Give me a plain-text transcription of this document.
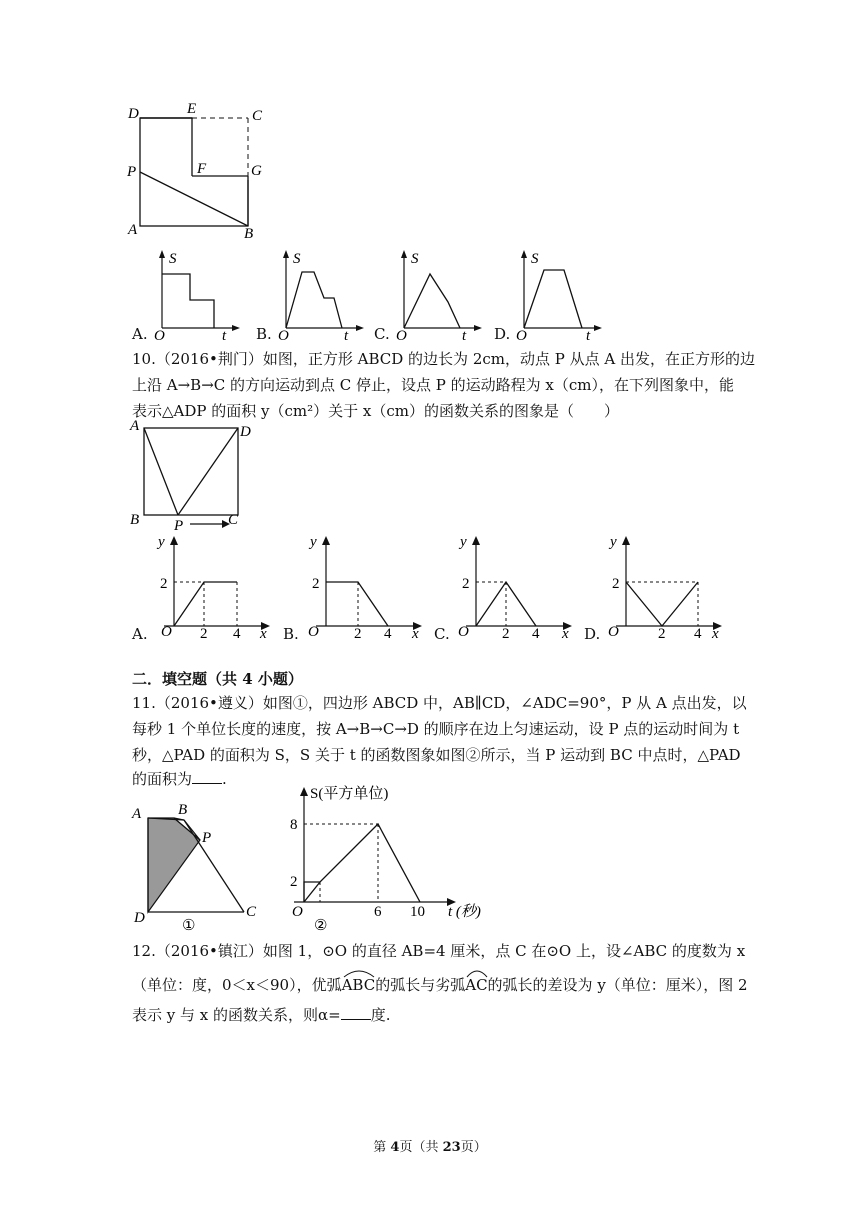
D	E	C
F	G
P
A	B
A.
S
O	t B.
S
O	t C.
S
O	t D.
S
O	t
10.（2016•荆门）如图，正方形 ABCD 的边长为 2cm，动点 P 从点 A 出发，在正方形的边
上沿 A→B→C 的方向运动到点 C 停止，设点 P 的运动路程为 x（cm），在下列图象中，能
表示△ADP 的面积 y（cm²）关于 x（cm）的函数关系的图象是（　　）
A	D
B	C
P
A.
y
2
O 2 4 x B.
y
2
O 2 4 x C.
y
2
O 2 4 x D.
y
2
O	2 4 x
二．填空题（共 4 小题）
11.（2016•遵义）如图①，四边形 ABCD 中，AB∥CD，∠ADC=90°，P 从 A 点出发，以
每秒 1 个单位长度的速度，按 A→B→C→D 的顺序在边上匀速运动，设 P 点的运动时间为 t
秒，△PAD 的面积为 S，S 关于 t 的函数图象如图②所示，当 P 运动到 BC 中点时，△PAD
的面积为 .
A B
P
D	C
①
S(平方单位)
8
2
O	6 10 t (秒)
②
12.（2016•镇江）如图 1，⊙O 的直径 AB=4 厘米，点 C 在⊙O 上，设∠ABC 的度数为 x
（单位：度，0＜x＜90），优弧
ABC的弧长与劣弧
AC的弧长的差设为 y（单位：厘米），图 2
表示 y 与 x 的函数关系，则α= 度.
第 4页（共 23页）
